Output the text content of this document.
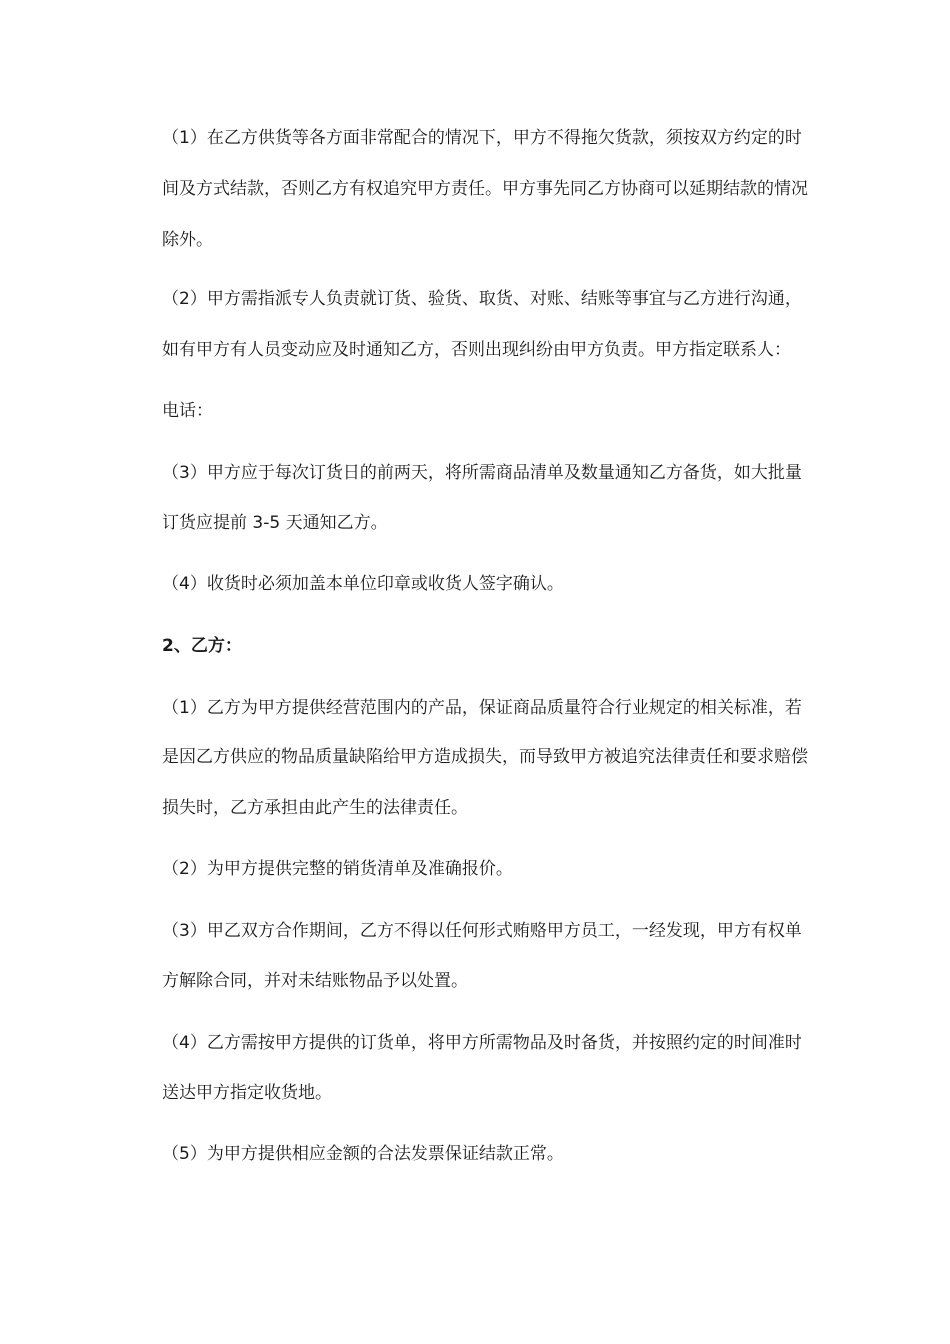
（1）在乙方供货等各方面非常配合的情况下，甲方不得拖欠货款，须按双方约定的时
间及方式结款，否则乙方有权追究甲方责任。甲方事先同乙方协商可以延期结款的情况
除外。
（2）甲方需指派专人负责就订货、验货、取货、对账、结账等事宜与乙方进行沟通，
如有甲方有人员变动应及时通知乙方，否则出现纠纷由甲方负责。甲方指定联系人：
电话：
（3）甲方应于每次订货日的前两天，将所需商品清单及数量通知乙方备货，如大批量
订货应提前 3-5 天通知乙方。
（4）收货时必须加盖本单位印章或收货人签字确认。
2、乙方：
（1）乙方为甲方提供经营范围内的产品，保证商品质量符合行业规定的相关标准，若
是因乙方供应的物品质量缺陷给甲方造成损失，而导致甲方被追究法律责任和要求赔偿
损失时，乙方承担由此产生的法律责任。
（2）为甲方提供完整的销货清单及准确报价。
（3）甲乙双方合作期间，乙方不得以任何形式贿赂甲方员工，一经发现，甲方有权单
方解除合同，并对未结账物品予以处置。
（4）乙方需按甲方提供的订货单，将甲方所需物品及时备货，并按照约定的时间准时
送达甲方指定收货地。
（5）为甲方提供相应金额的合法发票保证结款正常。
